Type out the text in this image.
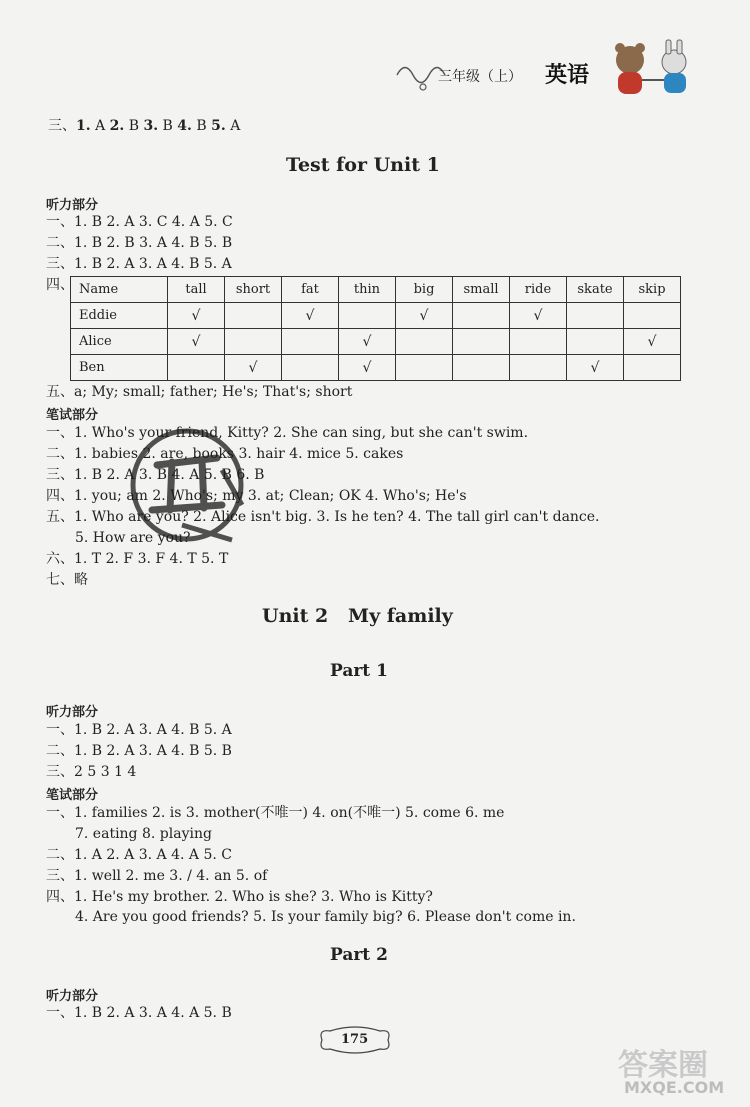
三年级（上） 英语
三、1. A 2. B 3. B 4. B 5. A
Test for Unit 1
听力部分
一、1. B 2. A 3. C 4. A 5. C
二、1. B 2. B 3. A 4. B 5. B
三、1. B 2. A 3. A 4. B 5. A
四、 Name	tall	short	fat	thin	big	small	ride	skate	skip
Eddie	√		√		√		√		
Alice	√			√					√
Ben		√		√				√	
五、a; My; small; father; He's; That's; short
笔试部分
一、1. Who's your friend, Kitty? 2. She can sing, but she can't swim.
二、1. babies 2. are, books 3. hair 4. mice 5. cakes
三、1. B 2. A 3. B 4. A 5. B 6. B
四、1. you; am 2. Who's; my 3. at; Clean; OK 4. Who's; He's
五、1. Who are you? 2. Alice isn't big. 3. Is he ten? 4. The tall girl can't dance.
5. How are you?
六、1. T 2. F 3. F 4. T 5. T
七、略
Unit 2   My family
Part 1
听力部分
一、1. B 2. A 3. A 4. B 5. A
二、1. B 2. A 3. A 4. B 5. B
三、2 5 3 1 4
笔试部分
一、1. families 2. is 3. mother(不唯一) 4. on(不唯一) 5. come 6. me
7. eating 8. playing
二、1. A 2. A 3. A 4. A 5. C
三、1. well 2. me 3. / 4. an 5. of
四、1. He's my brother. 2. Who is she? 3. Who is Kitty?
4. Are you good friends? 5. Is your family big? 6. Please don't come in.
Part 2
听力部分
一、1. B 2. A 3. A 4. A 5. B
175
答案圈
MXQE.COM
